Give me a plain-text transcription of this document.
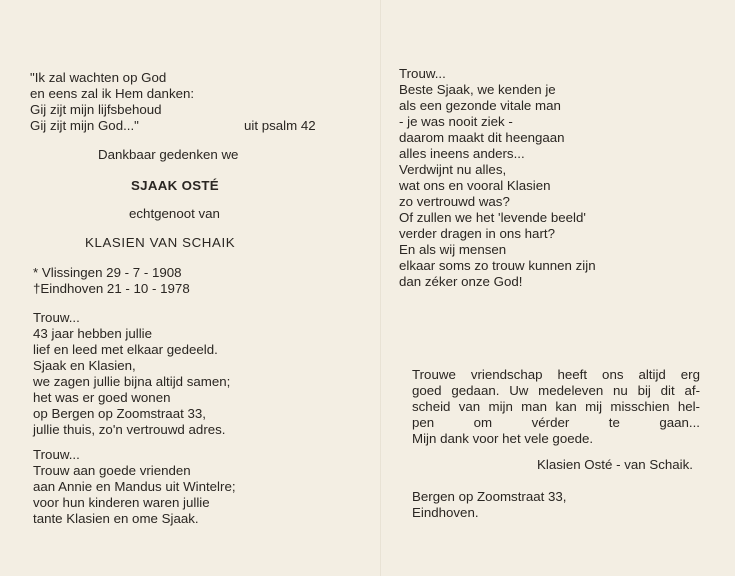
"Ik zal wachten op God
en eens zal ik Hem danken:
Gij zijt mijn lijfsbehoud
Gij zijt mijn God..."	uit psalm 42
Dankbaar gedenken we
SJAAK OSTÉ
echtgenoot van
KLASIEN VAN SCHAIK
* Vlissingen 29 - 7 - 1908
†Eindhoven 21 - 10 - 1978
Trouw...
43 jaar hebben jullie
lief en leed met elkaar gedeeld.
Sjaak en Klasien,
we zagen jullie bijna altijd samen;
het was er goed wonen
op Bergen op Zoomstraat 33,
jullie thuis, zo'n vertrouwd adres.
Trouw...
Trouw aan goede vrienden
aan Annie en Mandus uit Wintelre;
voor hun kinderen waren jullie
tante Klasien en ome Sjaak.
Trouw...
Beste Sjaak, we kenden je
als een gezonde vitale man
- je was nooit ziek -
daarom maakt dit heengaan
alles ineens anders...
Verdwijnt nu alles,
wat ons en vooral Klasien
zo vertrouwd was?
Of zullen we het 'levende beeld'
verder dragen in ons hart?
En als wij mensen
elkaar soms zo trouw kunnen zijn
dan zéker onze God!
Trouwe vriendschap heeft ons altijd erg
goed gedaan. Uw medeleven nu bij dit af-
scheid van mijn man kan mij misschien hel-
pen om vérder te gaan...
Mijn dank voor het vele goede.
Klasien Osté - van Schaik.
Bergen op Zoomstraat 33,
Eindhoven.
